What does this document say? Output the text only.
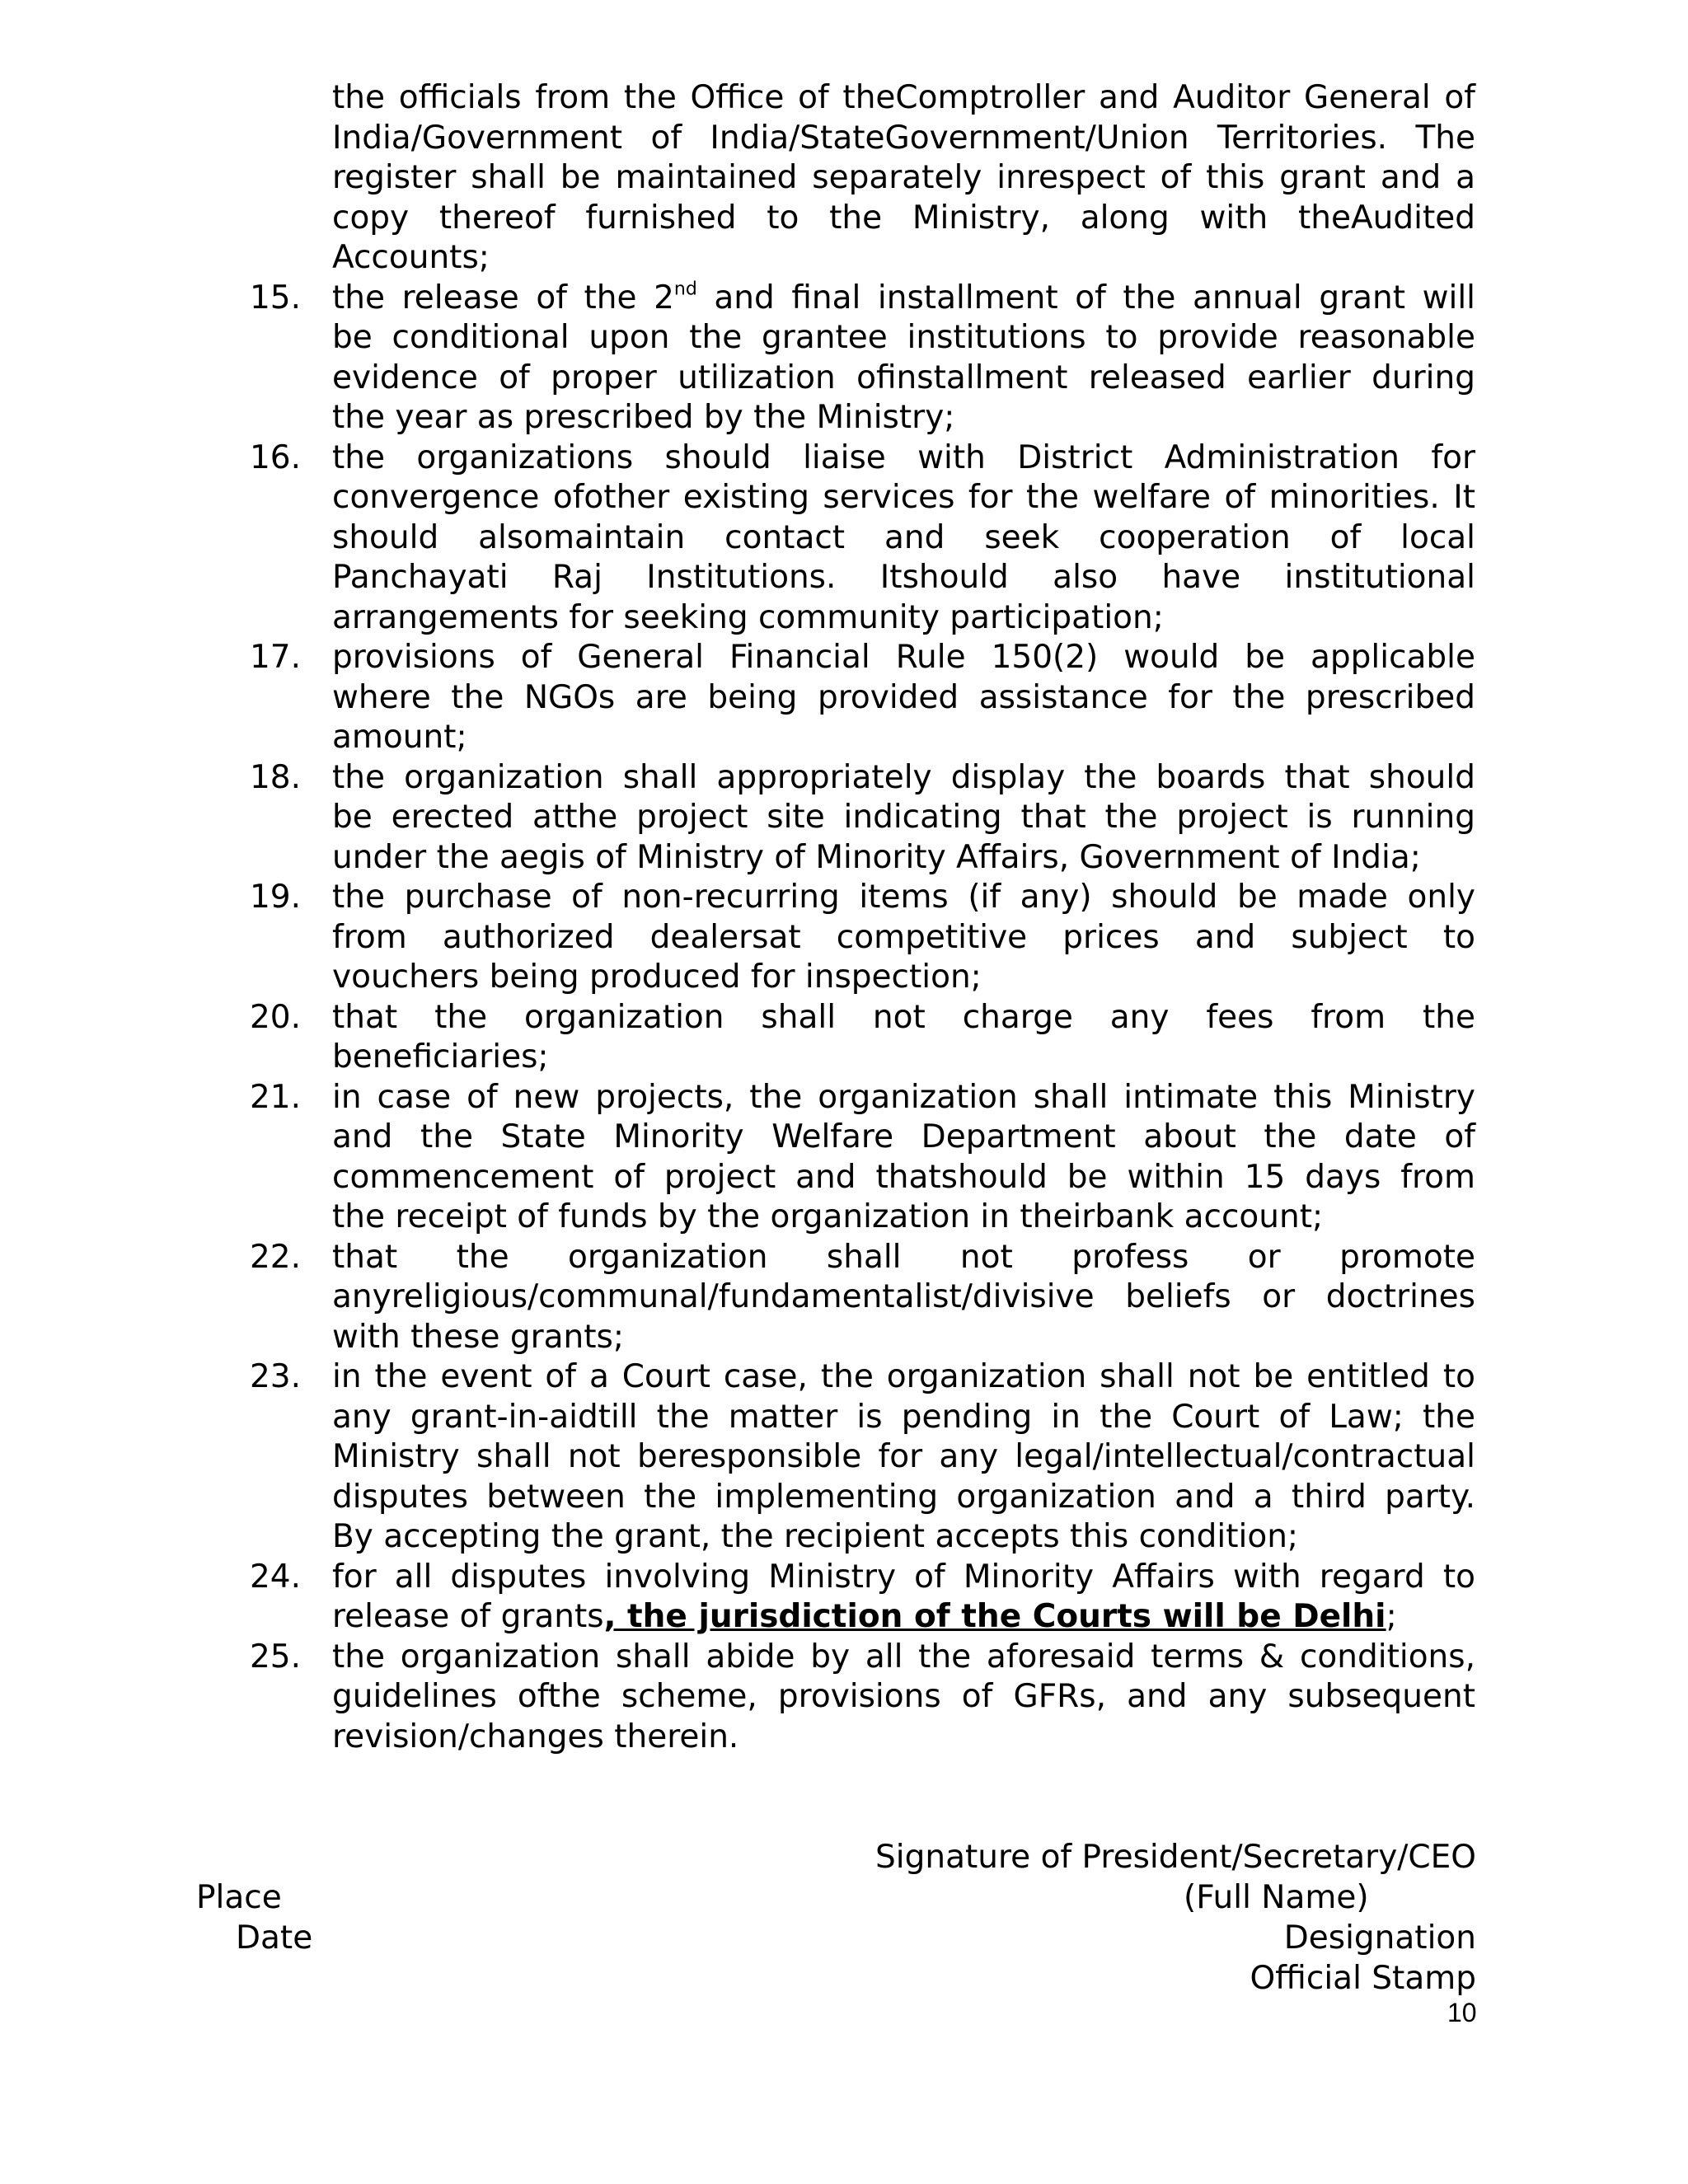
the officials from the Office of theComptroller and Auditor General of
India/Government of India/StateGovernment/Union Territories. The
register shall be maintained separately inrespect of this grant and a
copy thereof furnished to the Ministry, along with theAudited
Accounts;
15. the release of the 2nd and final installment of the annual grant will
be conditional upon the grantee institutions to provide reasonable
evidence of proper utilization ofinstallment released earlier during
the year as prescribed by the Ministry;
16. the organizations should liaise with District Administration for
convergence ofother existing services for the welfare of minorities. It
should alsomaintain contact and seek cooperation of local
Panchayati Raj Institutions. Itshould also have institutional
arrangements for seeking community participation;
17. provisions of General Financial Rule 150(2) would be applicable
where the NGOs are being provided assistance for the prescribed
amount;
18. the organization shall appropriately display the boards that should
be erected atthe project site indicating that the project is running
under the aegis of Ministry of Minority Affairs, Government of India;
19. the purchase of non-recurring items (if any) should be made only
from authorized dealersat competitive prices and subject to
vouchers being produced for inspection;
20. that the organization shall not charge any fees from the
beneficiaries;
21. in case of new projects, the organization shall intimate this Ministry
and the State Minority Welfare Department about the date of
commencement of project and thatshould be within 15 days from
the receipt of funds by the organization in theirbank account;
22. that the organization shall not profess or promote
anyreligious/communal/fundamentalist/divisive beliefs or doctrines
with these grants;
23. in the event of a Court case, the organization shall not be entitled to
any grant-in-aidtill the matter is pending in the Court of Law; the
Ministry shall not beresponsible for any legal/intellectual/contractual
disputes between the implementing organization and a third party.
By accepting the grant, the recipient accepts this condition;
24. for all disputes involving Ministry of Minority Affairs with regard to
release of grants, the jurisdiction of the Courts will be Delhi;
25. the organization shall abide by all the aforesaid terms & conditions,
guidelines ofthe scheme, provisions of GFRs, and any subsequent
revision/changes therein.
Signature of President/Secretary/CEO
(Full Name)
Place
Designation
Date
Official Stamp
10
